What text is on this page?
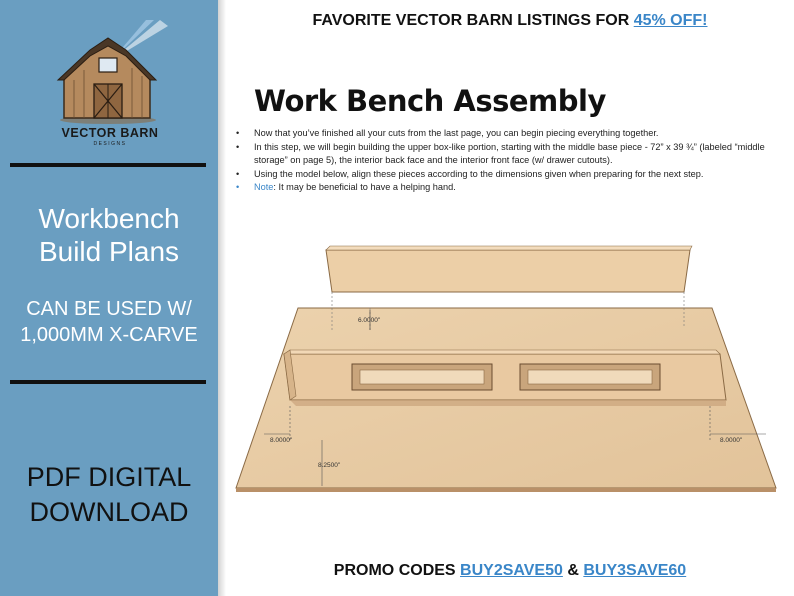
VECTOR BARN
DESIGNS
Workbench
Build Plans
CAN BE USED W/
1,000MM X-CARVE
PDF DIGITAL
DOWNLOAD
FAVORITE VECTOR BARN LISTINGS FOR 45% OFF!
Work Bench Assembly
• Now that you’ve finished all your cuts from the last page, you can begin piecing everything together.
• In this step, we will begin building the upper box-like portion, starting with the middle base piece - 72” x 39 ¾” (labeled “middle storage” on page 5), the interior back face and the interior front face (w/ drawer cutouts).
• Using the model below, align these pieces according to the dimensions given when preparing for the next step.
• Note: It may be beneficial to have a helping hand.
6.0000"
8.0000"	8.0000"
8.2500"
PROMO CODES BUY2SAVE50 & BUY3SAVE60
